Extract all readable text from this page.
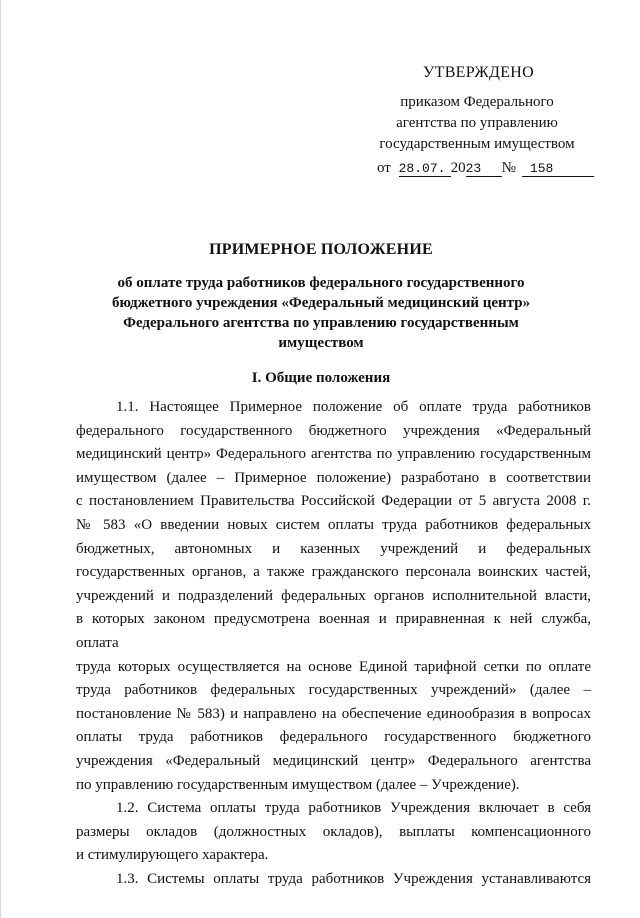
УТВЕРЖДЕНО
приказом Федерального
агентства по управлению
государственным имуществом
от 28.07. 2023 № 158
ПРИМЕРНОЕ ПОЛОЖЕНИЕ
об оплате труда работников федерального государственного
бюджетного учреждения «Федеральный медицинский центр»
Федерального агентства по управлению государственным
имуществом
I. Общие положения

1.1. Настоящее Примерное положение об оплате труда работников

федерального государственного бюджетного учреждения «Федеральный

медицинский центр» Федерального агентства по управлению государственным

имуществом (далее – Примерное положение) разработано в соответствии

с постановлением Правительства Российской Федерации от 5 августа 2008 г.

№ 583 «О введении новых систем оплаты труда работников федеральных

бюджетных, автономных и казенных учреждений и федеральных

государственных органов, а также гражданского персонала воинских частей,

учреждений и подразделений федеральных органов исполнительной власти,

в которых законом предусмотрена военная и приравненная к ней служба, оплата

труда которых осуществляется на основе Единой тарифной сетки по оплате

труда работников федеральных государственных учреждений» (далее –

постановление № 583) и направлено на обеспечение единообразия в вопросах

оплаты труда работников федерального государственного бюджетного

учреждения «Федеральный медицинский центр» Федерального агентства

по управлению государственным имуществом (далее – Учреждение).

1.2. Система оплаты труда работников Учреждения включает в себя

размеры окладов (должностных окладов), выплаты компенсационного

и стимулирующего характера.

1.3. Системы оплаты труда работников Учреждения устанавливаются
